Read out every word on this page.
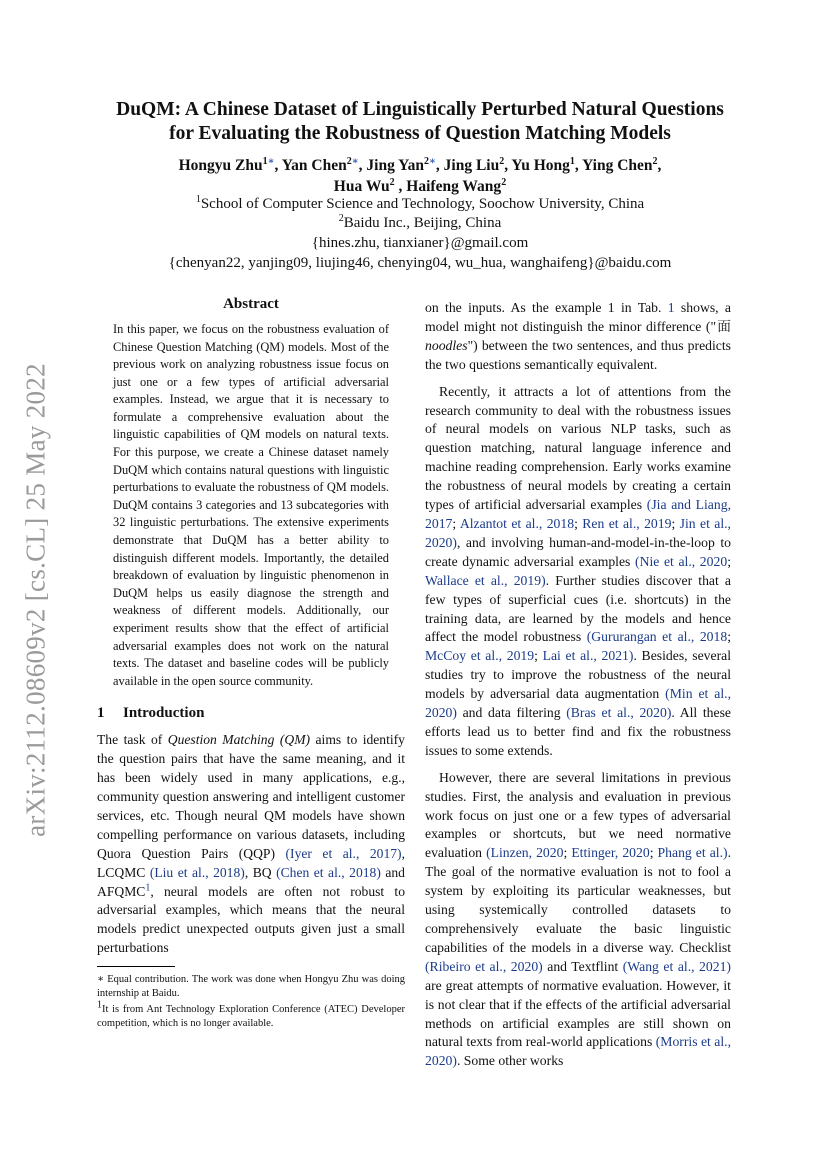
arXiv:2112.08609v2 [cs.CL] 25 May 2022
DuQM: A Chinese Dataset of Linguistically Perturbed Natural Questions
for Evaluating the Robustness of Question Matching Models
Hongyu Zhu$^{1∗}$, Yan Chen$^{2∗}$, Jing Yan$^{2∗}$, Jing Liu$^2$, Yu Hong$^1$, Ying Chen$^2$,
Hua Wu$^2$ , Haifeng Wang$^2$
$^1$School of Computer Science and Technology, Soochow University, China
$^2$Baidu Inc., Beijing, China
{hines.zhu, tianxianer}@gmail.com
{chenyan22, yanjing09, liujing46, chenying04, wu_hua, wanghaifeng}@baidu.com
Abstract
In this paper, we focus on the robustness evaluation of Chinese Question Matching (QM) models. Most of the previous work on analyzing robustness issue focus on just one or a few types of artificial adversarial examples. Instead, we argue that it is necessary to formulate a comprehensive evaluation about the linguistic capabilities of QM models on natural texts. For this purpose, we create a Chinese dataset namely DuQM which contains natural questions with linguistic perturbations to evaluate the robustness of QM models. DuQM contains 3 categories and 13 subcategories with 32 linguistic perturbations. The extensive experiments demonstrate that DuQM has a better ability to distinguish different models. Importantly, the detailed breakdown of evaluation by linguistic phenomenon in DuQM helps us easily diagnose the strength and weakness of different models. Additionally, our experiment results show that the effect of artificial adversarial examples does not work on the natural texts. The dataset and baseline codes will be publicly available in the open source community.
1 Introduction

The task of Question Matching (QM) aims to identify the question pairs that have the same meaning, and it has been widely used in many applications, e.g., community question answering and intelligent customer services, etc. Though neural QM models have shown compelling performance on various datasets, including Quora Question Pairs (QQP) (Iyer et al., 2017), LCQMC (Liu et al., 2018), BQ (Chen et al., 2018) and AFQMC$^1$, neural models are often not robust to adversarial examples, which means that the neural models predict unexpected outputs given just a small perturbations

∗ Equal contribution. The work was done when Hongyu Zhu was doing internship at Baidu.
$^1$It is from Ant Technology Exploration Conference (ATEC) Developer competition, which is no longer available.

on the inputs. As the example 1 in Tab. 1 shows, a model might not distinguish the minor difference ("面 noodles") between the two sentences, and thus predicts the two questions semantically equivalent.

Recently, it attracts a lot of attentions from the research community to deal with the robustness issues of neural models on various NLP tasks, such as question matching, natural language inference and machine reading comprehension. Early works examine the robustness of neural models by creating a certain types of artificial adversarial examples (Jia and Liang, 2017; Alzantot et al., 2018; Ren et al., 2019; Jin et al., 2020), and involving human-and-model-in-the-loop to create dynamic adversarial examples (Nie et al., 2020; Wallace et al., 2019). Further studies discover that a few types of superficial cues (i.e. shortcuts) in the training data, are learned by the models and hence affect the model robustness (Gururangan et al., 2018; McCoy et al., 2019; Lai et al., 2021). Besides, several studies try to improve the robustness of the neural models by adversarial data augmentation (Min et al., 2020) and data filtering (Bras et al., 2020). All these efforts lead us to better find and fix the robustness issues to some extends.

However, there are several limitations in previous studies. First, the analysis and evaluation in previous work focus on just one or a few types of adversarial examples or shortcuts, but we need normative evaluation (Linzen, 2020; Ettinger, 2020; Phang et al.). The goal of the normative evaluation is not to fool a system by exploiting its particular weaknesses, but using systemically controlled datasets to comprehensively evaluate the basic linguistic capabilities of the models in a diverse way. Checklist (Ribeiro et al., 2020) and Textflint (Wang et al., 2021) are great attempts of normative evaluation. However, it is not clear that if the effects of the artificial adversarial methods on artificial examples are still shown on natural texts from real-world applications (Morris et al., 2020). Some other works
